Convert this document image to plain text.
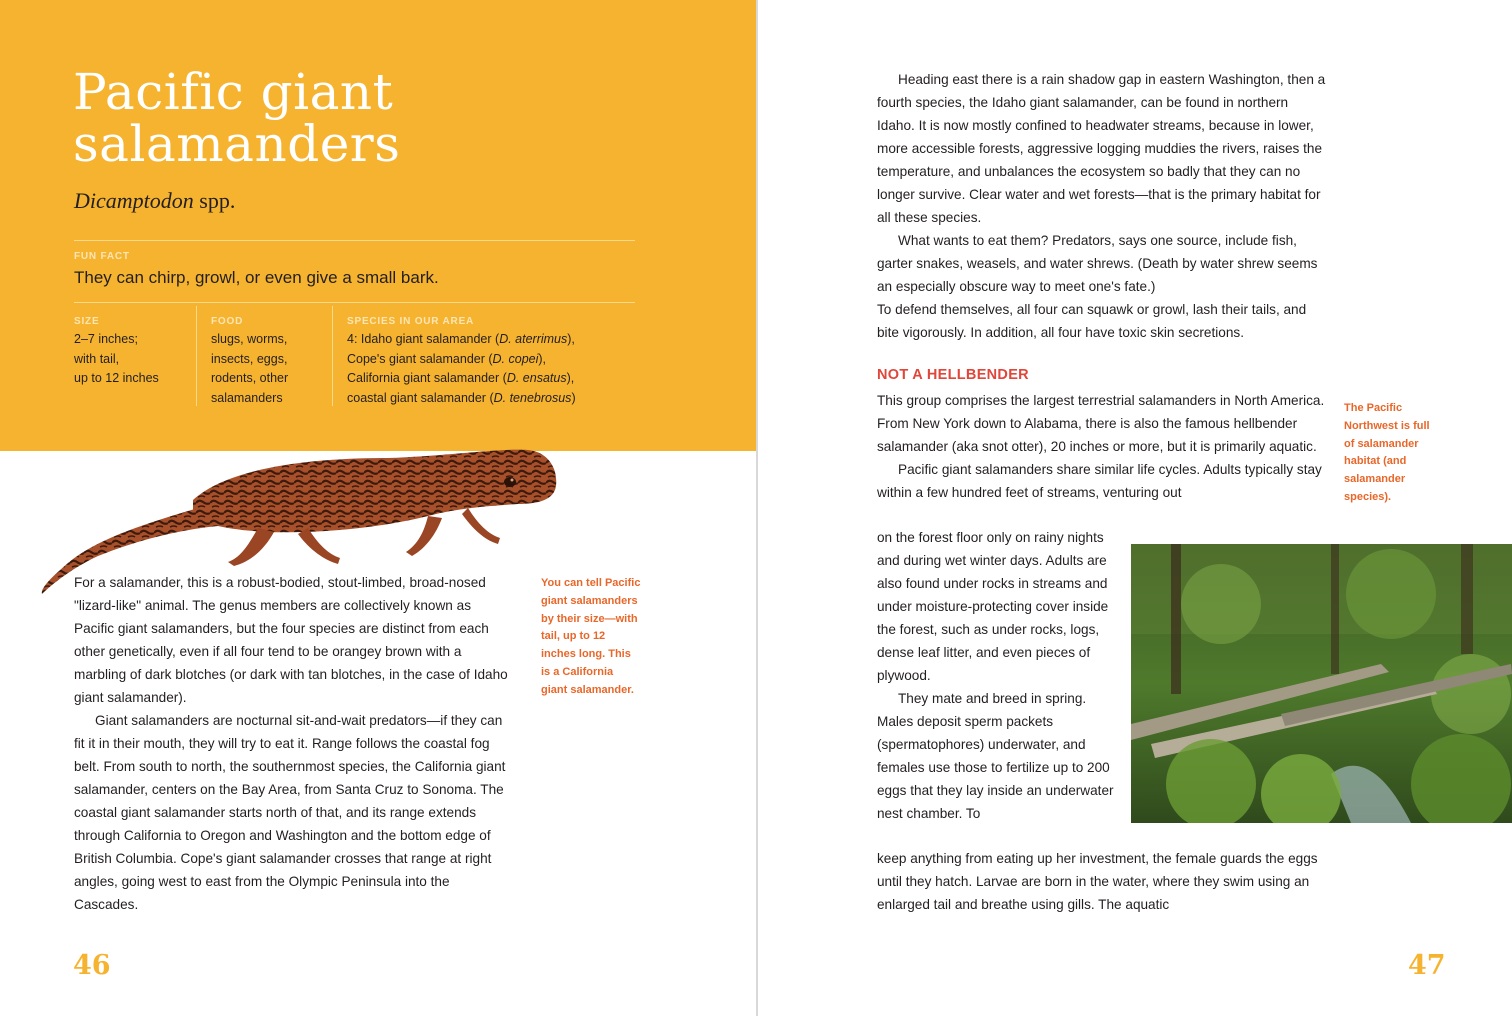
Pacific giant salamanders
Dicamptodon spp.
FUN FACT
They can chirp, growl, or even give a small bark.
SIZE

2–7 inches;

with tail,

up to 12 inches

FOOD

slugs, worms,

insects, eggs,

rodents, other

salamanders

SPECIES IN OUR AREA

4: Idaho giant salamander (D. aterrimus),

Cope's giant salamander (D. copei),

California giant salamander (D. ensatus),

coastal giant salamander (D. tenebrosus)

For a salamander, this is a robust-bodied, stout-limbed, broad-nosed "lizard-like" animal. The genus members are collectively known as Pacific giant salamanders, but the four species are distinct from each other genetically, even if all four tend to be orangey brown with a marbling of dark blotches (or dark with tan blotches, in the case of Idaho giant salamander).

Giant salamanders are nocturnal sit-and-wait predators—if they can fit it in their mouth, they will try to eat it. Range follows the coastal fog belt. From south to north, the southernmost species, the California giant salamander, centers on the Bay Area, from Santa Cruz to Sonoma. The coastal giant salamander starts north of that, and its range extends through California to Oregon and Washington and the bottom edge of British Columbia. Cope's giant salamander crosses that range at right angles, going west to east from the Olympic Peninsula into the Cascades.

You can tell Pacific giant salamanders by their size—with tail, up to 12 inches long. This is a California giant salamander.
46

Heading east there is a rain shadow gap in eastern Washington, then a fourth species, the Idaho giant salamander, can be found in northern Idaho. It is now mostly confined to headwater streams, because in lower, more accessible forests, aggressive logging muddies the rivers, raises the temperature, and unbalances the ecosystem so badly that they can no longer survive. Clear water and wet forests—that is the primary habitat for all these species.

What wants to eat them? Predators, says one source, include fish, garter snakes, weasels, and water shrews. (Death by water shrew seems an especially obscure way to meet one's fate.)

To defend themselves, all four can squawk or growl, lash their tails, and bite vigorously. In addition, all four have toxic skin secretions.

NOT A HELLBENDER

This group comprises the largest terrestrial salamanders in North America. From New York down to Alabama, there is also the famous hellbender salamander (aka snot otter), 20 inches or more, but it is primarily aquatic.

Pacific giant salamanders share similar life cycles. Adults typically stay within a few hundred feet of streams, venturing out

on the forest floor only on rainy nights and during wet winter days. Adults are also found under rocks in streams and under moisture-protecting cover inside the forest, such as under rocks, logs, dense leaf litter, and even pieces of plywood.

They mate and breed in spring. Males deposit sperm packets (spermatophores) underwater, and females use those to fertilize up to 200 eggs that they lay inside an underwater nest chamber. To

keep anything from eating up her investment, the female guards the eggs until they hatch. Larvae are born in the water, where they swim using an enlarged tail and breathe using gills. The aquatic

The Pacific Northwest is full of salamander habitat (and salamander species).
47
